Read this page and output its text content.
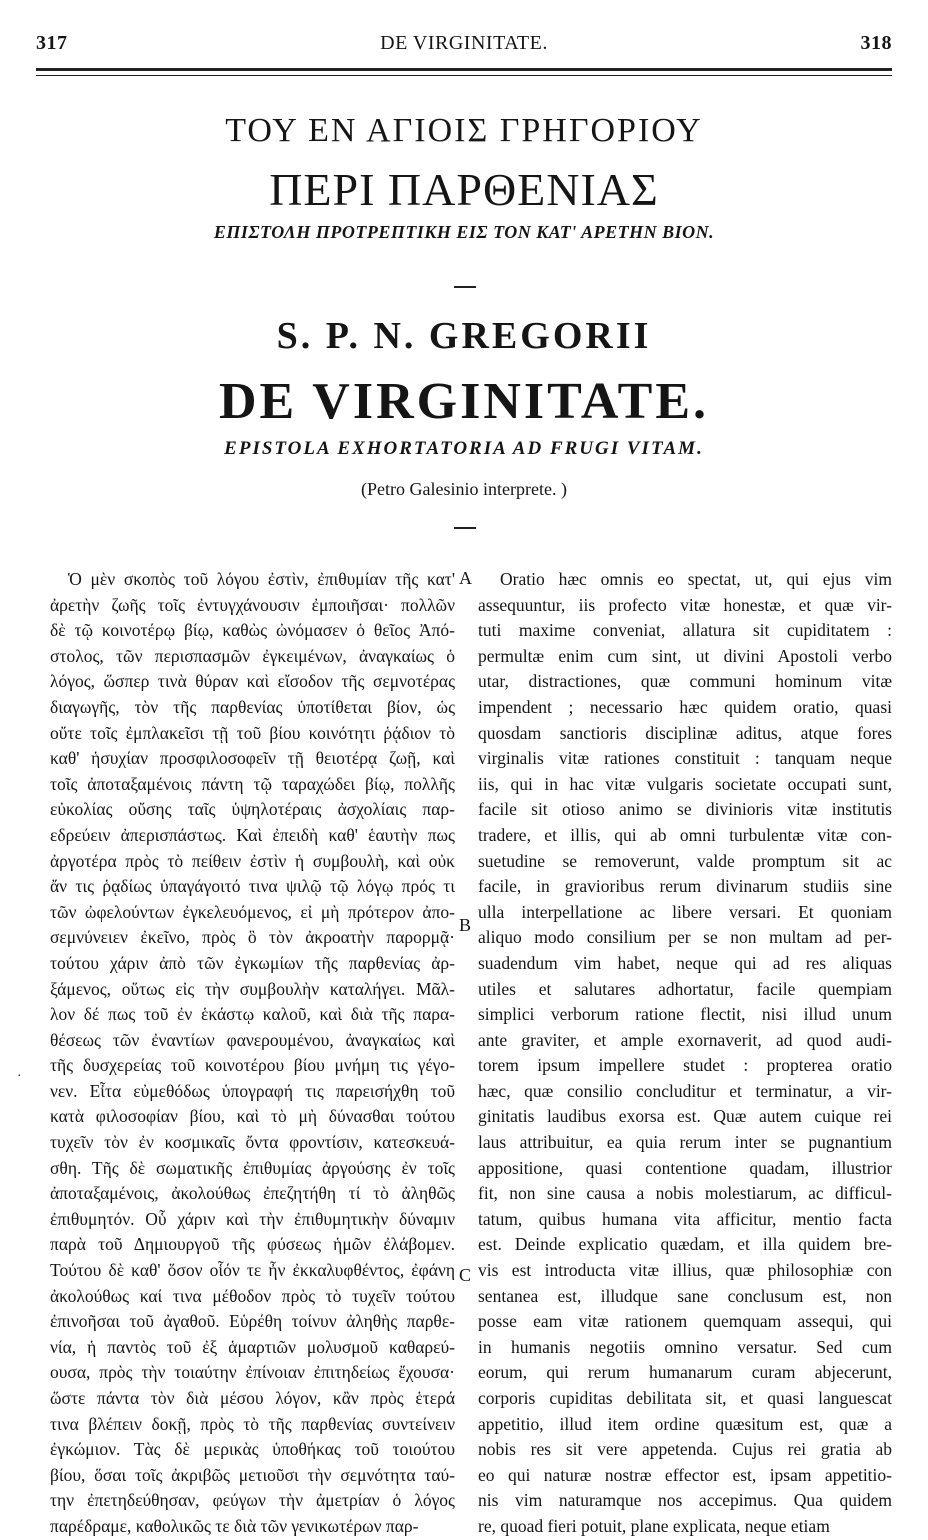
317	DE VIRGINITATE.	318
ΤΟΥ ΕΝ ΑΓΙΟΙΣ ΓΡΗΓΟΡΙΟΥ
ΠΕΡΙ ΠΑΡΘΕΝΙΑΣ
ΕΠΙΣΤΟΛΗ ΠΡΟΤΡΕΠΤΙΚΗ ΕΙΣ ΤΟΝ ΚΑΤ' ΑΡΕΤΗΝ ΒΙΟΝ.
S. P. N. GREGORII
DE VIRGINITATE.
EPISTOLA EXHORTATORIA AD FRUGI VITAM.
(Petro Galesinio interprete. )
Ὁ μὲν σκοπὸς τοῦ λόγου ἐστὶν, ἐπιθυμίαν τῆς κατ'
ἀρετὴν ζωῆς τοῖς ἐντυγχάνουσιν ἐμποιῆσαι· πολλῶν
δὲ τῷ κοινοτέρῳ βίῳ, καθὼς ὠνόμασεν ὁ θεῖος Ἀπό-
στολος, τῶν περισπασμῶν ἐγκειμένων, ἀναγκαίως ὁ
λόγος, ὥσπερ τινὰ θύραν καὶ εἴσοδον τῆς σεμνοτέρας
διαγωγῆς, τὸν τῆς παρθενίας ὑποτίθεται βίον, ὡς
οὔτε τοῖς ἐμπλακεῖσι τῇ τοῦ βίου κοινότητι ῥᾴδιον τὸ
καθ' ἡσυχίαν προσφιλοσοφεῖν τῇ θειοτέρᾳ ζωῇ, καὶ
τοῖς ἀποταξαμένοις πάντη τῷ ταραχώδει βίῳ, πολλῆς
εὐκολίας οὔσης ταῖς ὑψηλοτέραις ἀσχολίαις παρ-
εδρεύειν ἀπερισπάστως. Καὶ ἐπειδὴ καθ' ἑαυτὴν πως
ἀργοτέρα πρὸς τὸ πείθειν ἐστὶν ἡ συμβουλὴ, καὶ οὐκ
ἄν τις ῥᾳδίως ὑπαγάγοιτό τινα ψιλῷ τῷ λόγῳ πρός τι
τῶν ὠφελούντων ἐγκελευόμενος, εἰ μὴ πρότερον ἀπο-
σεμνύνειεν ἐκεῖνο, πρὸς ὃ τὸν ἀκροατὴν παρορμᾷ·
τούτου χάριν ἀπὸ τῶν ἐγκωμίων τῆς παρθενίας ἀρ-
ξάμενος, οὕτως εἰς τὴν συμβουλὴν καταλήγει. Μᾶλ-
λον δέ πως τοῦ ἐν ἑκάστῳ καλοῦ, καὶ διὰ τῆς παρα-
θέσεως τῶν ἐναντίων φανερουμένου, ἀναγκαίως καὶ
τῆς δυσχερείας τοῦ κοινοτέρου βίου μνήμη τις γέγο-
νεν. Εἶτα εὐμεθόδως ὑπογραφή τις παρεισήχθη τοῦ
κατὰ φιλοσοφίαν βίου, καὶ τὸ μὴ δύνασθαι τούτου
τυχεῖν τὸν ἐν κοσμικαῖς ὄντα φροντίσιν, κατεσκευά-
σθη. Τῆς δὲ σωματικῆς ἐπιθυμίας ἀργούσης ἐν τοῖς
ἀποταξαμένοις, ἀκολούθως ἐπεζητήθη τί τὸ ἀληθῶς
ἐπιθυμητόν. Οὗ χάριν καὶ τὴν ἐπιθυμητικὴν δύναμιν
παρὰ τοῦ Δημιουργοῦ τῆς φύσεως ἡμῶν ἐλάβομεν.
Τούτου δὲ καθ' ὅσον οἷόν τε ἦν ἐκκαλυφθέντος, ἐφάνη
ἀκολούθως καί τινα μέθοδον πρὸς τὸ τυχεῖν τούτου
ἐπινοῆσαι τοῦ ἀγαθοῦ. Εὑρέθη τοίνυν ἀληθὴς παρθε-
νία, ἡ παντὸς τοῦ ἐξ ἁμαρτιῶν μολυσμοῦ καθαρεύ-
ουσα, πρὸς τὴν τοιαύτην ἐπίνοιαν ἐπιτηδείως ἔχουσα·
ὥστε πάντα τὸν διὰ μέσου λόγον, κἂν πρὸς ἑτερά
τινα βλέπειν δοκῇ, πρὸς τὸ τῆς παρθενίας συντείνειν
ἐγκώμιον. Τὰς δὲ μερικὰς ὑποθήκας τοῦ τοιούτου
βίου, ὅσαι τοῖς ἀκριβῶς μετιοῦσι τὴν σεμνότητα ταύ-
την ἐπετηδεύθησαν, φεύγων τὴν ἀμετρίαν ὁ λόγος
παρέδραμε, καθολικῶς τε διὰ τῶν γενικωτέρων παρ-
Oratio hæc omnis eo spectat, ut, qui ejus vim
assequuntur, iis profecto vitæ honestæ, et quæ vir-
tuti maxime conveniat, allatura sit cupiditatem :
permultæ enim cum sint, ut divini Apostoli verbo
utar, distractiones, quæ communi hominum vitæ
impendent ; necessario hæc quidem oratio, quasi
quosdam sanctioris disciplinæ aditus, atque fores
virginalis vitæ rationes constituit : tanquam neque
iis, qui in hac vitæ vulgaris societate occupati sunt,
facile sit otioso animo se divinioris vitæ institutis
tradere, et illis, qui ab omni turbulentæ vitæ con-
suetudine se removerunt, valde promptum sit ac
facile, in gravioribus rerum divinarum studiis sine
ulla interpellatione ac libere versari. Et quoniam
aliquo modo consilium per se non multam ad per-
suadendum vim habet, neque qui ad res aliquas
utiles et salutares adhortatur, facile quempiam
simplici verborum ratione flectit, nisi illud unum
ante graviter, et ample exornaverit, ad quod audi-
torem ipsum impellere studet : propterea oratio
hæc, quæ consilio concluditur et terminatur, a vir-
ginitatis laudibus exorsa est. Quæ autem cuique rei
laus attribuitur, ea quia rerum inter se pugnantium
appositione, quasi contentione quadam, illustrior
fit, non sine causa a nobis molestiarum, ac difficul-
tatum, quibus humana vita afficitur, mentio facta
est. Deinde explicatio quædam, et illa quidem bre-
vis est introducta vitæ illius, quæ philosophiæ con
sentanea est, illudque sane conclusum est, non
posse eam vitæ rationem quemquam assequi, qui
in humanis negotiis omnino versatur. Sed cum
eorum, qui rerum humanarum curam abjecerunt,
corporis cupiditas debilitata sit, et quasi languescat
appetitio, illud item ordine quæsitum est, quæ a
nobis res sit vere appetenda. Cujus rei gratia ab
eo qui naturæ nostræ effector est, ipsam appetitio-
nis vim naturamque nos accepimus. Qua quidem
re, quoad fieri potuit, plane explicata, neque etiam
A
B
C
·
